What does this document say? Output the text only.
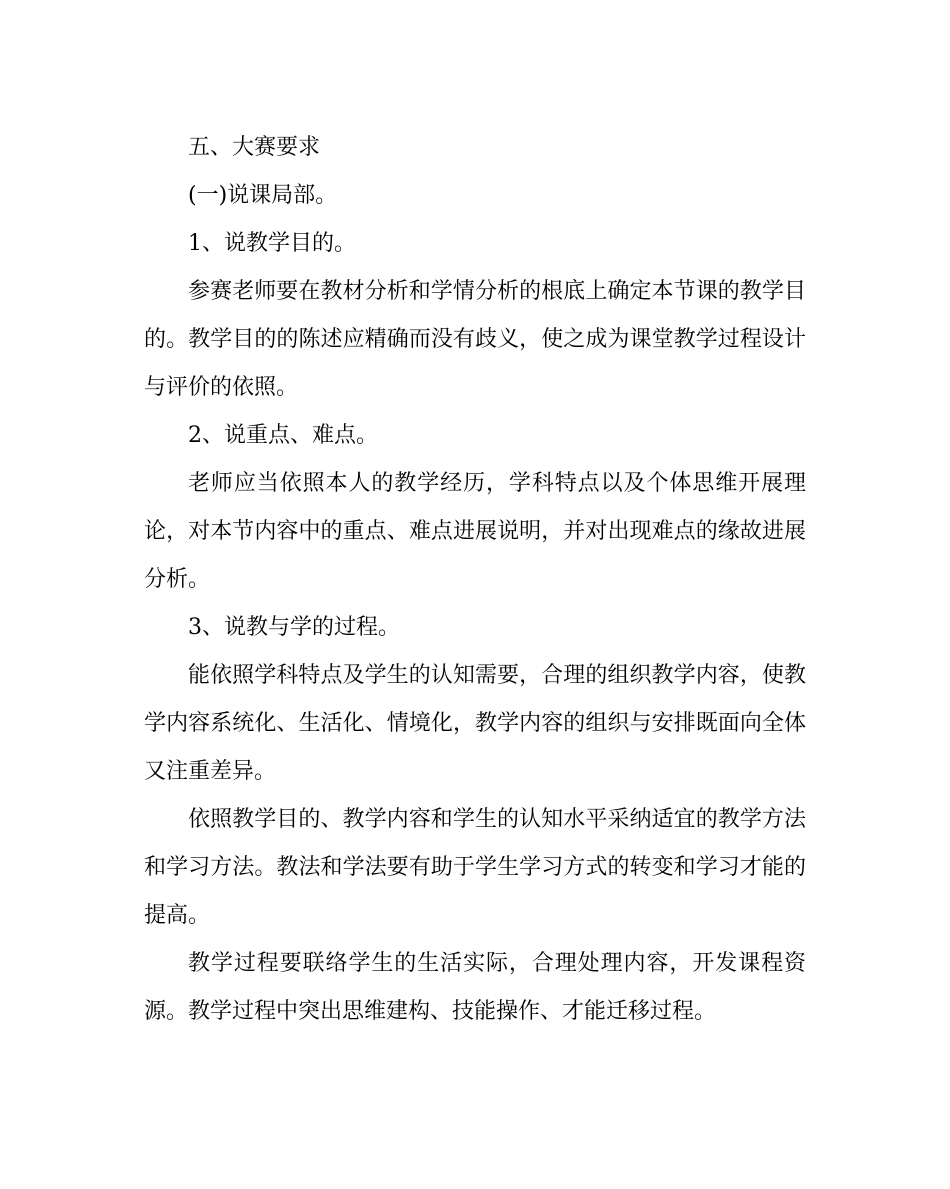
五、大赛要求

(一)说课局部。

1、说教学目的。

参赛老师要在教材分析和学情分析的根底上确定本节课的教学目的。教学目的的陈述应精确而没有歧义，使之成为课堂教学过程设计与评价的依照。

2、说重点、难点。

老师应当依照本人的教学经历，学科特点以及个体思维开展理论，对本节内容中的重点、难点进展说明，并对出现难点的缘故进展分析。

3、说教与学的过程。

能依照学科特点及学生的认知需要，合理的组织教学内容，使教学内容系统化、生活化、情境化，教学内容的组织与安排既面向全体又注重差异。

依照教学目的、教学内容和学生的认知水平采纳适宜的教学方法和学习方法。教法和学法要有助于学生学习方式的转变和学习才能的提高。

教学过程要联络学生的生活实际，合理处理内容，开发课程资源。教学过程中突出思维建构、技能操作、才能迁移过程。
